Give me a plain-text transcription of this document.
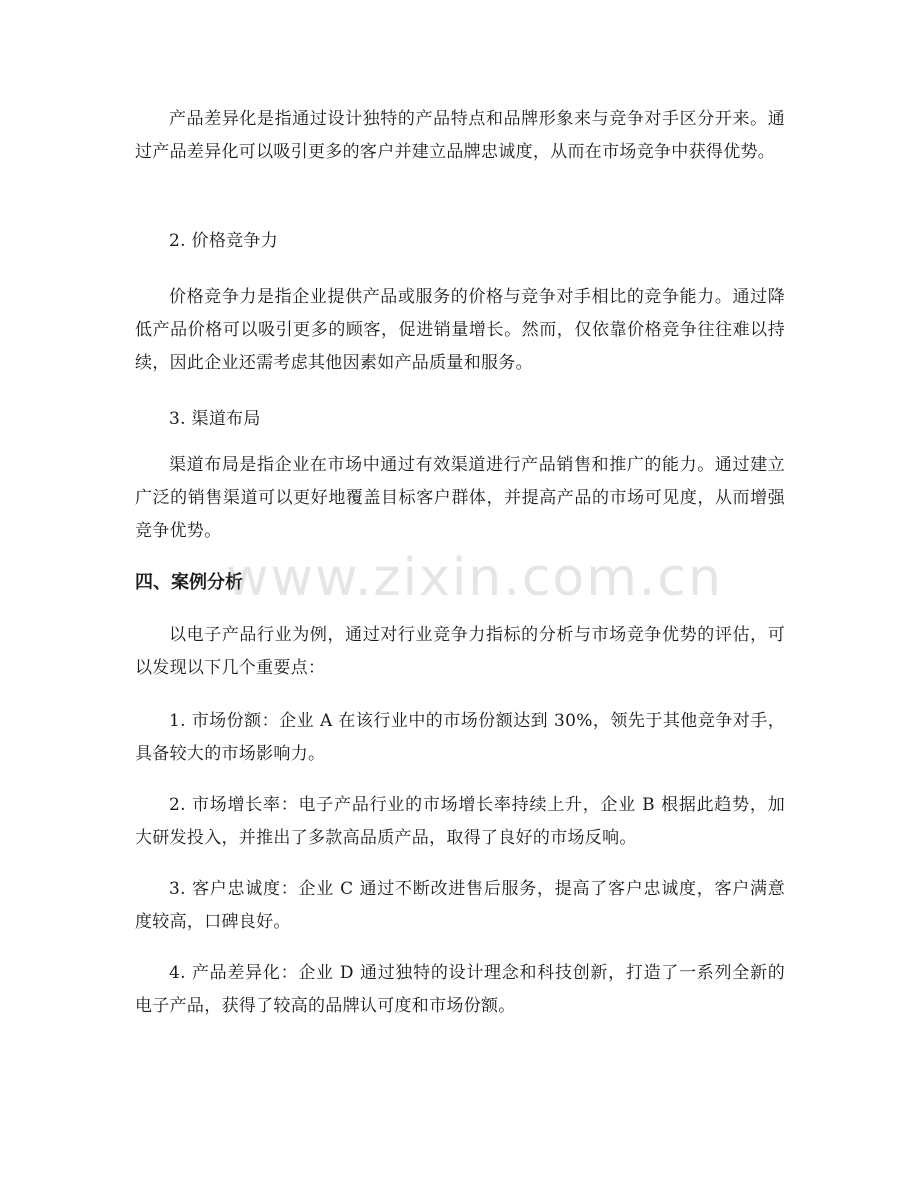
产品差异化是指通过设计独特的产品特点和品牌形象来与竞争对手区分开来。通过产品差异化可以吸引更多的客户并建立品牌忠诚度，从而在市场竞争中获得优势。

2. 价格竞争力

价格竞争力是指企业提供产品或服务的价格与竞争对手相比的竞争能力。通过降低产品价格可以吸引更多的顾客，促进销量增长。然而，仅依靠价格竞争往往难以持续，因此企业还需考虑其他因素如产品质量和服务。

3. 渠道布局

渠道布局是指企业在市场中通过有效渠道进行产品销售和推广的能力。通过建立广泛的销售渠道可以更好地覆盖目标客户群体，并提高产品的市场可见度，从而增强竞争优势。

四、案例分析

以电子产品行业为例，通过对行业竞争力指标的分析与市场竞争优势的评估，可以发现以下几个重要点：

1. 市场份额：企业 A 在该行业中的市场份额达到 30%，领先于其他竞争对手，具备较大的市场影响力。

2. 市场增长率：电子产品行业的市场增长率持续上升，企业 B 根据此趋势，加大研发投入，并推出了多款高品质产品，取得了良好的市场反响。

3. 客户忠诚度：企业 C 通过不断改进售后服务，提高了客户忠诚度，客户满意度较高，口碑良好。

4. 产品差异化：企业 D 通过独特的设计理念和科技创新，打造了一系列全新的电子产品，获得了较高的品牌认可度和市场份额。

www.zixin.com.cn
